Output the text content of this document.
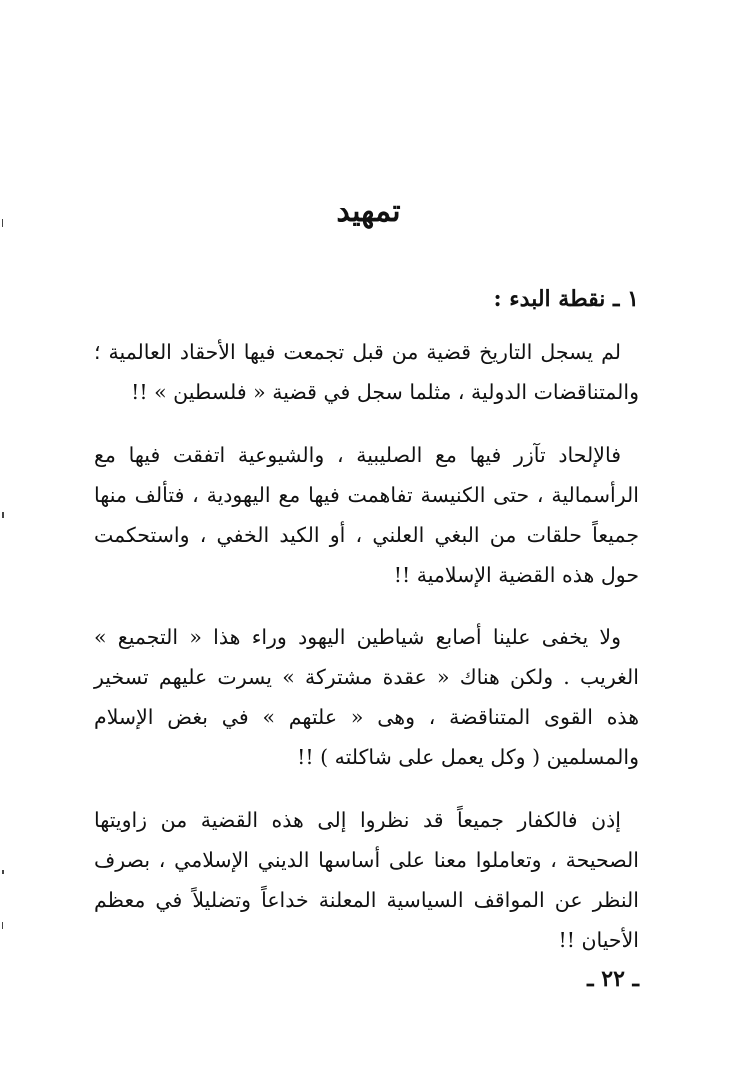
تمهيد
١ ـ نقطة البدء :

لم يسجل التاريخ قضية من قبل تجمعت فيها الأحقاد العالمية ؛ والمتناقضات الدولية ، مثلما سجل في قضية « فلسطين » !!

فالإلحاد تآزر فيها مع الصليبية ، والشيوعية اتفقت فيها مع الرأسمالية ، حتى الكنيسة تفاهمت فيها مع اليهودية ، فتألف منها جميعاً حلقات من البغي العلني ، أو الكيد الخفي ، واستحكمت حول هذه القضية الإسلامية !!

ولا يخفى علينا أصابع شياطين اليهود وراء هذا « التجميع » الغريب . ولكن هناك « عقدة مشتركة » يسرت عليهم تسخير هذه القوى المتناقضة ، وهى « علتهم » في بغض الإسلام والمسلمين ( وكل يعمل على شاكلته ) !!

إذن فالكفار جميعاً قد نظروا إلى هذه القضية من زاويتها الصحيحة ، وتعاملوا معنا على أساسها الديني الإسلامي ، بصرف النظر عن المواقف السياسية المعلنة خداعاً وتضليلاً في معظم الأحيان !!

ـ ٢٢ ـ
